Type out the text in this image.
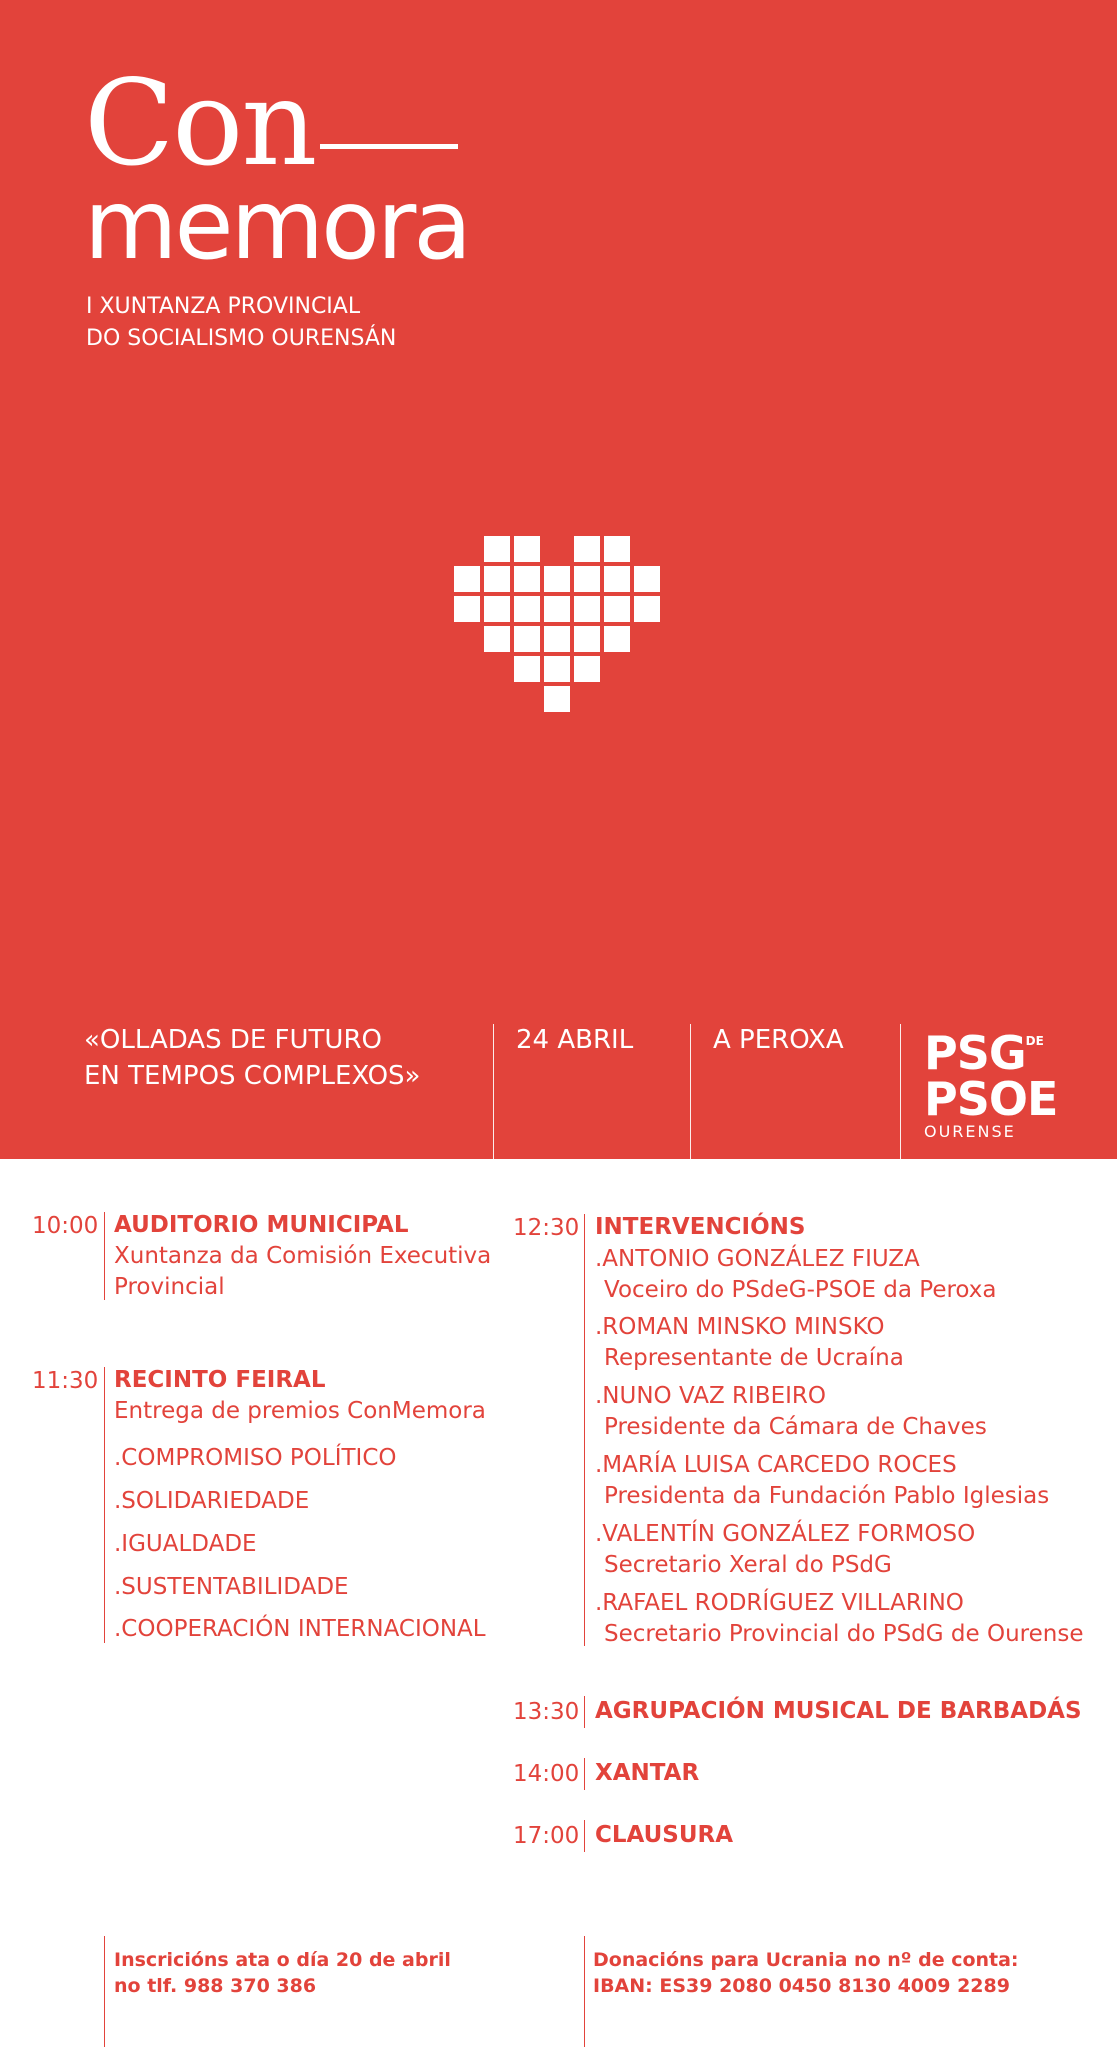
Con
memora
I XUNTANZA PROVINCIAL
DO SOCIALISMO OURENSÁN
«OLLADAS DE FUTURO
EN TEMPOS COMPLEXOS»
24 ABRIL	A PEROXA $PSG^{DE}$
PSOE
OURENSE
10:00 AUDITORIO MUNICIPAL
Xuntanza da Comisión Executiva
Provincial
11:30 RECINTO FEIRAL
Entrega de premios ConMemora
.COMPROMISO POLÍTICO
.SOLIDARIEDADE
.IGUALDADE
.SUSTENTABILIDADE
.COOPERACIÓN INTERNACIONAL
12:30 INTERVENCIÓNS
.ANTONIO GONZÁLEZ FIUZA
Voceiro do PSdeG-PSOE da Peroxa
.ROMAN MINSKO MINSKO
Representante de Ucraína
.NUNO VAZ RIBEIRO
Presidente da Cámara de Chaves
.MARÍA LUISA CARCEDO ROCES
Presidenta da Fundación Pablo Iglesias
.VALENTÍN GONZÁLEZ FORMOSO
Secretario Xeral do PSdG
.RAFAEL RODRÍGUEZ VILLARINO
Secretario Provincial do PSdG de Ourense
13:30 AGRUPACIÓN MUSICAL DE BARBADÁS
14:00 XANTAR
17:00 CLAUSURA
Inscricións ata o día 20 de abril
no tlf. 988 370 386
Donacións para Ucrania no nº de conta:
IBAN: ES39 2080 0450 8130 4009 2289
